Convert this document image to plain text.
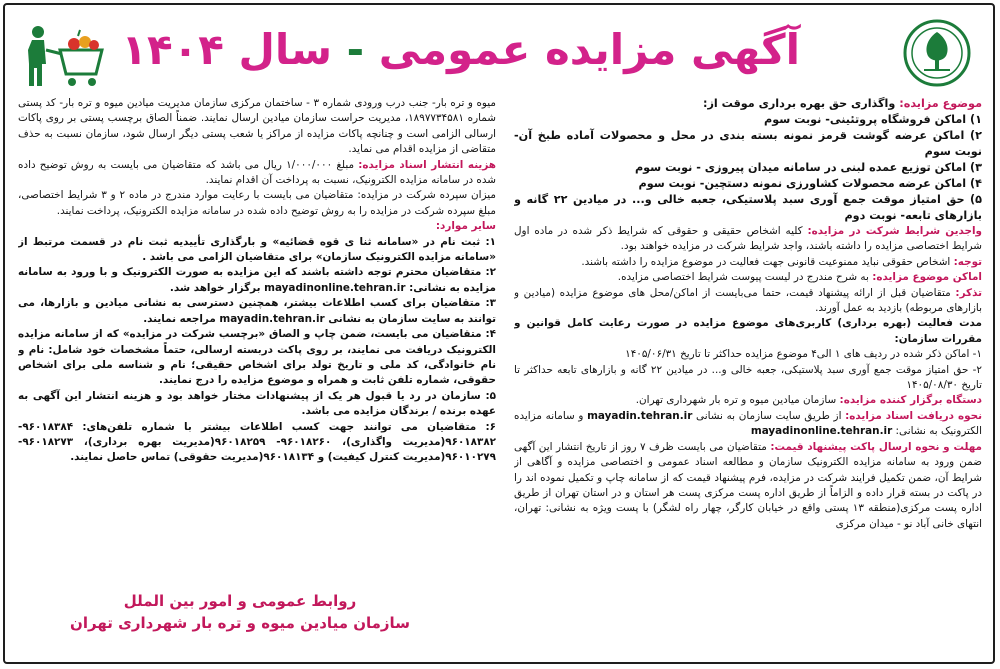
آگهی مزایده عمومی - سال ۱۴۰۴

موضوع مزایده: واگذاری حق بهره برداری موقت از:

۱) اماکن فروشگاه پروتئینی- نوبت سوم

۲) اماکن عرضه گوشت قرمز نمونه بسته بندی در محل و محصولات آماده طبخ آن- نوبت سوم

۳) اماکن توزیع عمده لبنی در سامانه میدان پیروزی - نوبت سوم

۴) اماکن عرضه محصولات کشاورزی نمونه دستچین- نوبت سوم

۵) حق امتیاز موقت جمع آوری سبد پلاستیکی، جعبه خالی و... در میادین ۲۲ گانه و بازارهای تابعه- نوبت دوم

واجدین شرایط شرکت در مزایده: کلیه اشخاص حقیقی و حقوقی که شرایط ذکر شده در ماده اول شرایط اختصاصی مزایده را داشته باشند، واجد شرایط شرکت در مزایده خواهند بود.

توجه: اشخاص حقوقی نباید ممنوعیت قانونی جهت فعالیت در موضوع مزایده را داشته باشند.

اماکن موضوع مزایده: به شرح مندرج در لیست پیوست شرایط اختصاصی مزایده.

تذکر: متقاضیان قبل از ارائه پیشنهاد قیمت، حتما می‌بایست از اماکن/محل های موضوع مزایده (میادین و بازارهای مربوطه) بازدید به عمل آورند.

مدت فعالیت (بهره برداری) کاربری‌های موضوع مزایده در صورت رعایت کامل قوانین و مقررات سازمان:

۱- اماکن ذکر شده در ردیف های ۱ الی۴ موضوع مزایده حداکثر تا تاریخ ۱۴۰۵/۰۶/۳۱

۲- حق امتیاز موقت جمع آوری سبد پلاستیکی، جعبه خالی و... در میادین ۲۲ گانه و بازارهای تابعه حداکثر تا تاریخ ۱۴۰۵/۰۸/۳۰

دستگاه برگزار کننده مزایده: سازمان میادین میوه و تره بار شهرداری تهران.

نحوه دریافت اسناد مزایده: از طریق سایت سازمان به نشانی mayadin.tehran.ir و سامانه مزایده الکترونیک به نشانی: mayadinonline.tehran.ir

مهلت و نحوه ارسال پاکت پیشنهاد قیمت: متقاضیان می بایست ظرف ۷ روز از تاریخ انتشار این آگهی ضمن ورود به سامانه مزایده الکترونیک سازمان و مطالعه اسناد عمومی و اختصاصی مزایده و آگاهی از شرایط آن، ضمن تکمیل فرایند شرکت در مزایده، فرم پیشنهاد قیمت که از سامانه چاپ و تکمیل نموده اند را در پاکت در بسته قرار داده و الزاماً از طریق اداره پست مرکزی پست هر استان و در استان تهران از طریق اداره پست مرکزی(منطقه ۱۳ پستی واقع در خیابان کارگر، چهار راه لشگر) با پست ویژه به نشانی: تهران، انتهای خانی آباد نو - میدان مرکزی

میوه و تره بار- جنب درب ورودی شماره ۳ - ساختمان مرکزی سازمان مدیریت میادین میوه و تره بار- کد پستی شماره ۱۸۹۷۷۳۴۵۸۱، مدیریت حراست سازمان میادین ارسال نمایند. ضمناً الصاق برچسب پستی بر روی پاکات ارسالی الزامی است و چنانچه پاکات مزایده از مراکز یا شعب پستی دیگر ارسال شود، سازمان نسبت به حذف متقاضی از مزایده اقدام می نماید.

هزینه انتشار اسناد مزایده: مبلغ ۱/۰۰۰/۰۰۰ ریال می باشد که متقاضیان می بایست به روش توضیح داده شده در سامانه مزایده الکترونیک، نسبت به پرداخت آن اقدام نمایند.

میزان سپرده شرکت در مزایده: متقاضیان می بایست با رعایت موارد مندرج در ماده ۲ و ۳ شرایط اختصاصی، مبلغ سپرده شرکت در مزایده را به روش توضیح داده شده در سامانه مزایده الکترونیک، پرداخت نمایند.

سایر موارد:

۱: ثبت نام در «سامانه ثنا ی قوه قضائیه» و بارگذاری تأییدیه ثبت نام در قسمت مرتبط از «سامانه مزایده الکترونیک سازمان» برای متقاضیان الزامی می باشد .

۲: متقاضیان محترم توجه داشته باشند که این مزایده به صورت الکترونیک و با ورود به سامانه مزایده به نشانی: mayadinonline.tehran.ir برگزار خواهد شد.

۳: متقاضیان برای کسب اطلاعات بیشتر، همچنین دسترسی به نشانی میادین و بازارها، می توانند به سایت سازمان به نشانی mayadin.tehran.ir مراجعه نمایند.

۴: متقاضیان می بایست، ضمن چاپ و الصاق «برچسب شرکت در مزایده» که از سامانه مزایده الکترونیک دریافت می نمایند، بر روی پاکت دربسته ارسالی، حتماً مشخصات خود شامل: نام و نام خانوادگی، کد ملی و تاریخ تولد برای اشخاص حقیقی؛ نام و شناسه ملی برای اشخاص حقوقی، شماره تلفن ثابت و همراه و موضوع مزایده را درج نمایند.

۵: سازمان در رد یا قبول هر یک از پیشنهادات مختار خواهد بود و هزینه انتشار این آگهی به عهده برنده / برندگان مزایده می باشد.

۶: متقاضیان می توانند جهت کسب اطلاعات بیشتر با شماره تلفن‌های: ۹۶۰۱۸۳۸۴- ۹۶۰۱۸۳۸۲(مدیریت واگذاری)، ۹۶۰۱۸۲۶۰- ۹۶۰۱۸۲۵۹(مدیریت بهره برداری)، ۹۶۰۱۸۲۷۳- ۹۶۰۱۰۲۷۹(مدیریت کنترل کیفیت) و ۹۶۰۱۸۱۳۴(مدیریت حقوقی) تماس حاصل نمایند.

روابط عمومی و امور بین الملل
سازمان میادین میوه و تره بار شهرداری تهران
